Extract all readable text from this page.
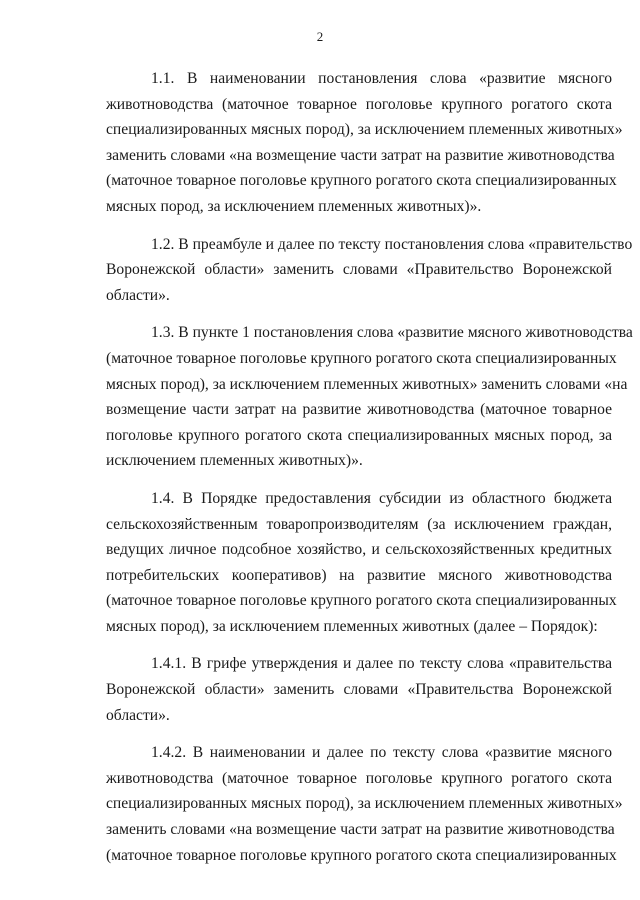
2
1.1. В наименовании постановления слова «развитие мясного
животноводства (маточное товарное поголовье крупного рогатого скота
специализированных мясных пород), за исключением племенных животных»
заменить словами «на возмещение части затрат на развитие животноводства
(маточное товарное поголовье крупного рогатого скота специализированных
мясных пород, за исключением племенных животных)».
1.2. В преамбуле и далее по тексту постановления слова «правительство
Воронежской области» заменить словами «Правительство Воронежской
области».
1.3. В пункте 1 постановления слова «развитие мясного животноводства
(маточное товарное поголовье крупного рогатого скота специализированных
мясных пород), за исключением племенных животных» заменить словами «на
возмещение части затрат на развитие животноводства (маточное товарное
поголовье крупного рогатого скота специализированных мясных пород, за
исключением племенных животных)».
1.4. В Порядке предоставления субсидии из областного бюджета
сельскохозяйственным товаропроизводителям (за исключением граждан,
ведущих личное подсобное хозяйство, и сельскохозяйственных кредитных
потребительских кооперативов) на развитие мясного животноводства
(маточное товарное поголовье крупного рогатого скота специализированных
мясных пород), за исключением племенных животных (далее – Порядок):
1.4.1. В грифе утверждения и далее по тексту слова «правительства
Воронежской области» заменить словами «Правительства Воронежской
области».
1.4.2. В наименовании и далее по тексту слова «развитие мясного
животноводства (маточное товарное поголовье крупного рогатого скота
специализированных мясных пород), за исключением племенных животных»
заменить словами «на возмещение части затрат на развитие животноводства
(маточное товарное поголовье крупного рогатого скота специализированных
